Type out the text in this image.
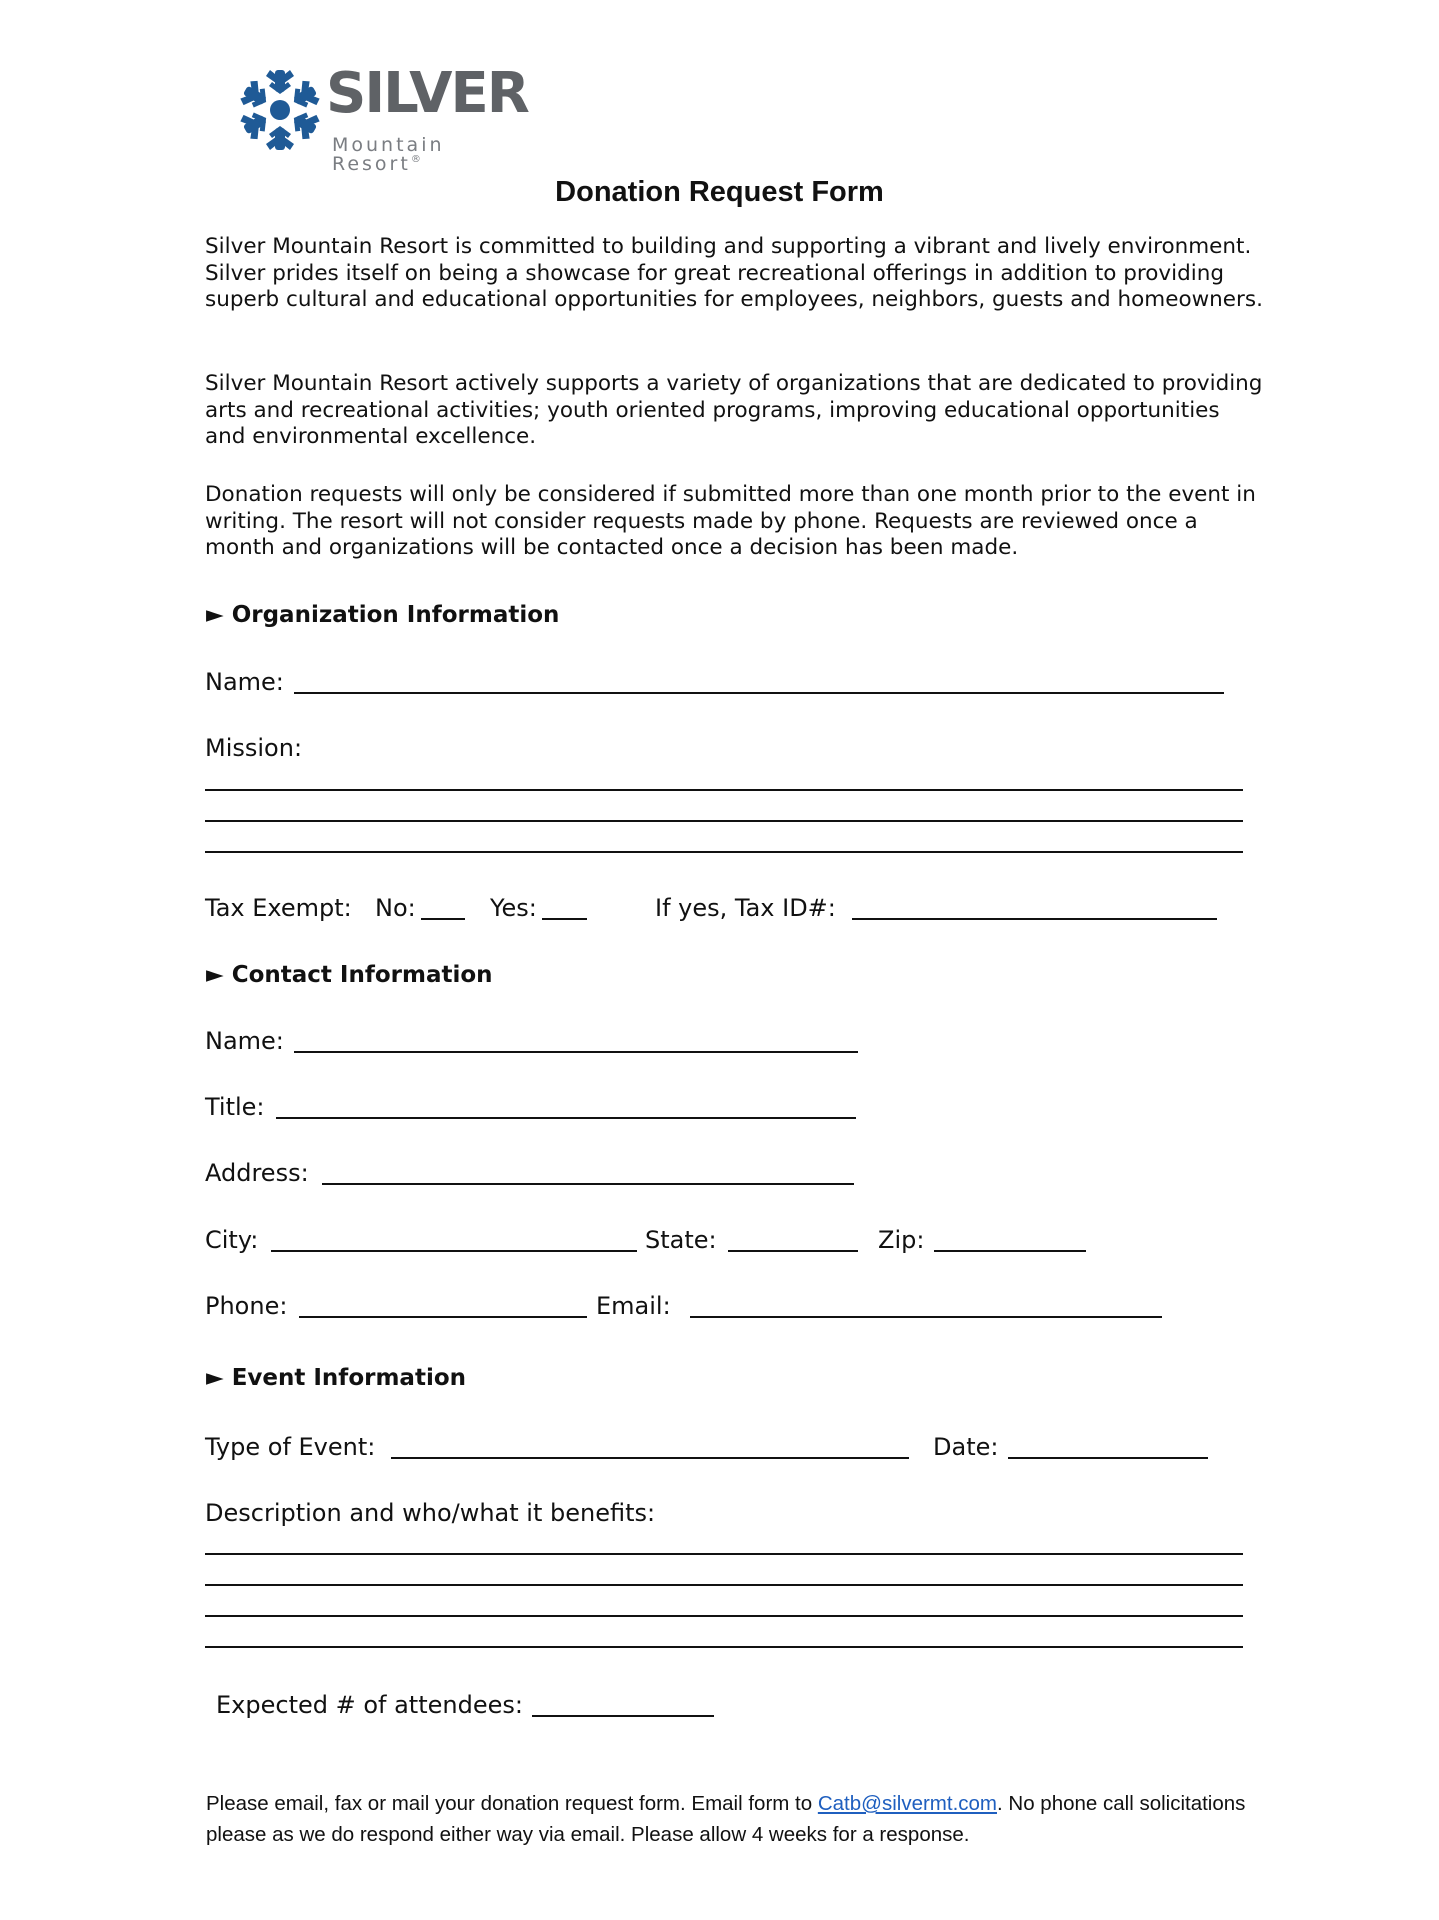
SILVER
Mountain Resort®
Donation Request Form
Silver Mountain Resort is committed to building and supporting a vibrant and lively environment. Silver prides itself on being a showcase for great recreational offerings in addition to providing superb cultural and educational opportunities for employees, neighbors, guests and homeowners.
Silver Mountain Resort actively supports a variety of organizations that are dedicated to providing arts and recreational activities; youth oriented programs, improving educational opportunities and environmental excellence.
Donation requests will only be considered if submitted more than one month prior to the event in writing. The resort will not consider requests made by phone. Requests are reviewed once a month and organizations will be contacted once a decision has been made.
► Organization Information
Name:
Mission:
Tax Exempt: No:	Yes:	If yes, Tax ID#:
► Contact Information
Name:
Title:
Address:
City:	State:	Zip:
Phone:	Email:
► Event Information
Type of Event:	Date:
Description and who/what it benefits:
Expected # of attendees:
Please email, fax or mail your donation request form. Email form to Catb@silvermt.com. No phone call solicitations please as we do respond either way via email. Please allow 4 weeks for a response.
